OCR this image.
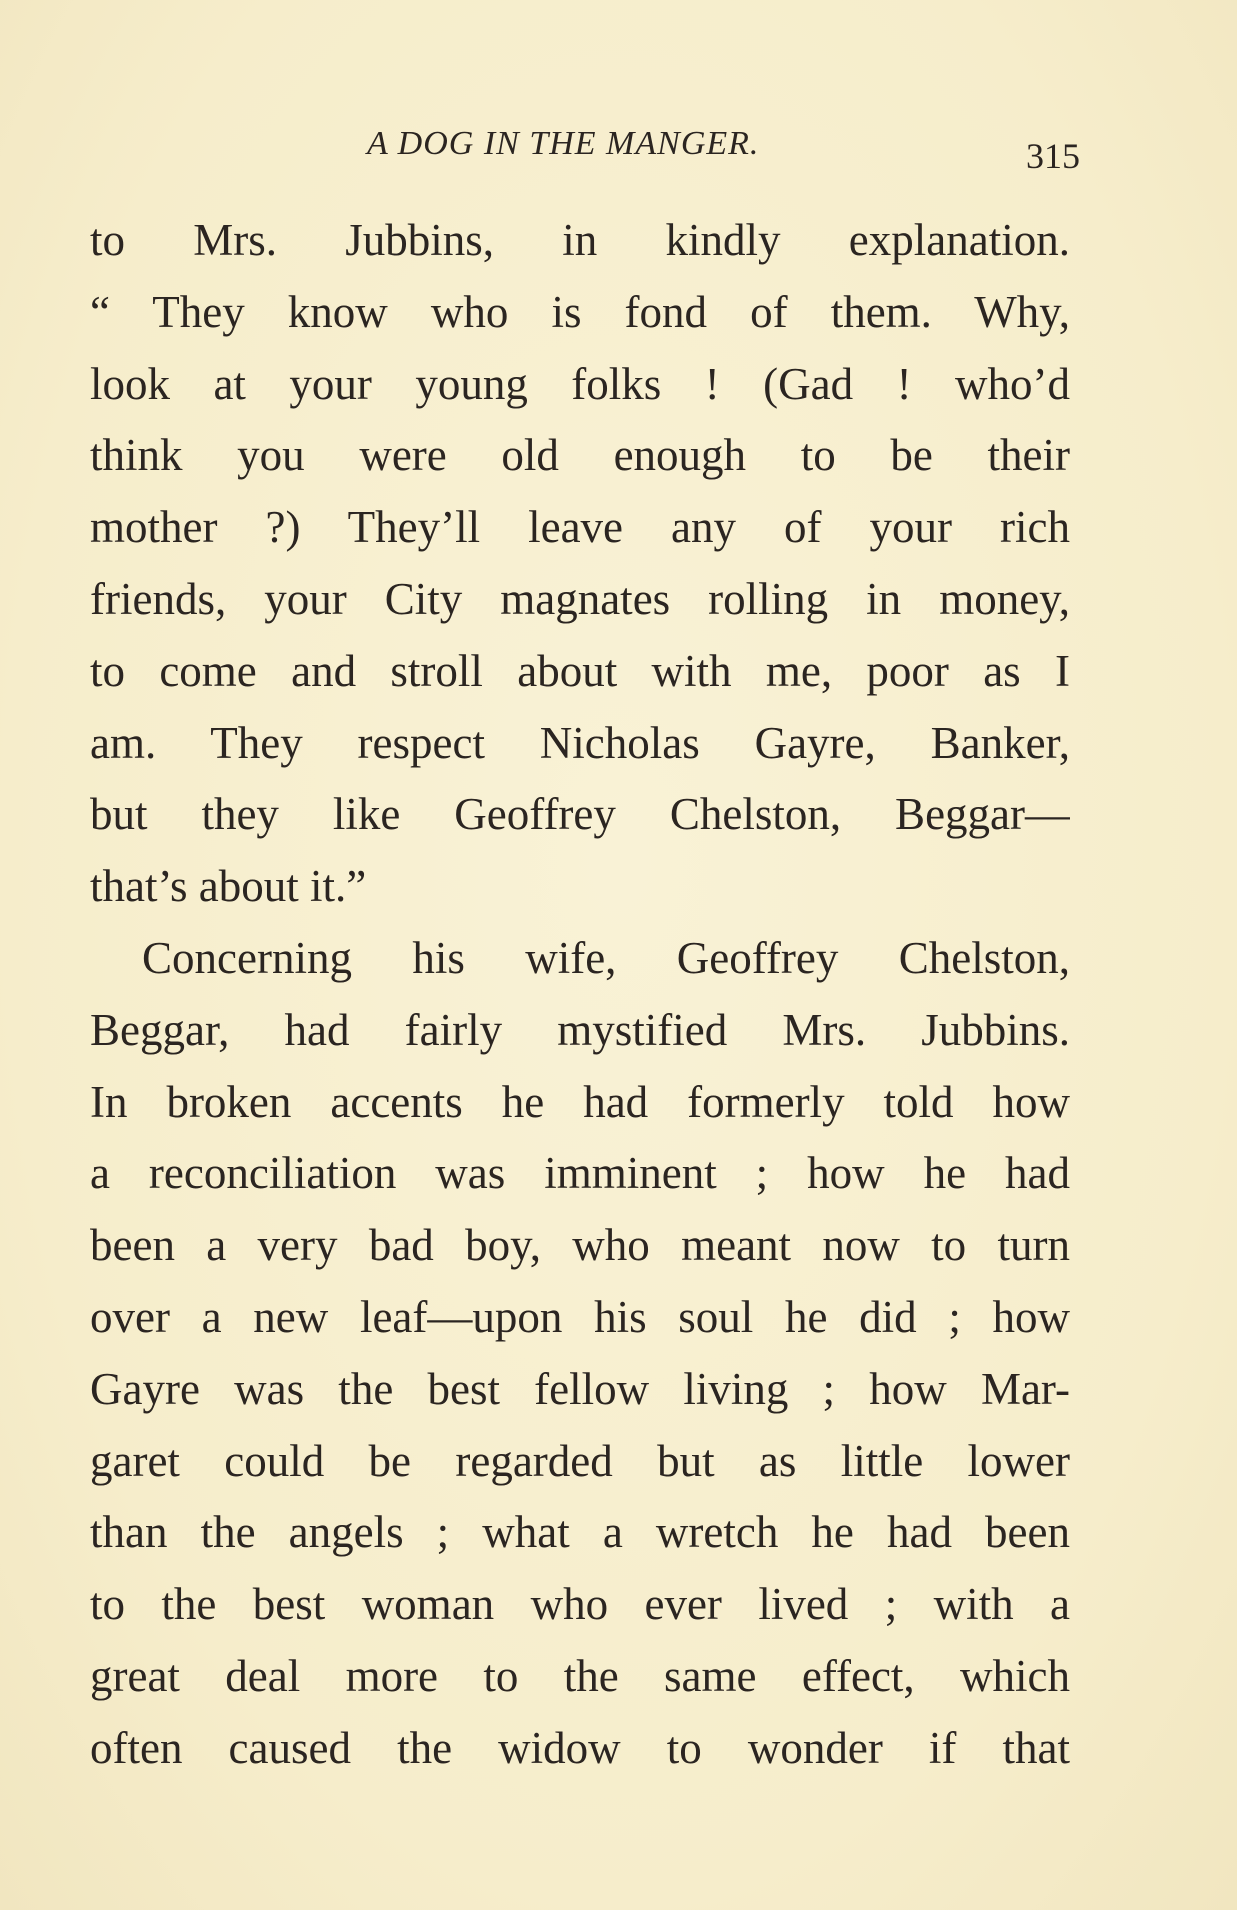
A DOG IN THE MANGER.	315
to Mrs. Jubbins, in kindly explanation.
“ They know who is fond of them. Why,
look at your young folks ! (Gad ! who’d
think you were old enough to be their
mother ?) They’ll leave any of your rich
friends, your City magnates rolling in money,
to come and stroll about with me, poor as I
am. They respect Nicholas Gayre, Banker,
but they like Geoffrey Chelston, Beggar—
that’s about it.”
Concerning his wife, Geoffrey Chelston,
Beggar, had fairly mystified Mrs. Jubbins.
In broken accents he had formerly told how
a reconciliation was imminent ; how he had
been a very bad boy, who meant now to turn
over a new leaf—upon his soul he did ; how
Gayre was the best fellow living ; how Mar-
garet could be regarded but as little lower
than the angels ; what a wretch he had been
to the best woman who ever lived ; with a
great deal more to the same effect, which
often caused the widow to wonder if that
